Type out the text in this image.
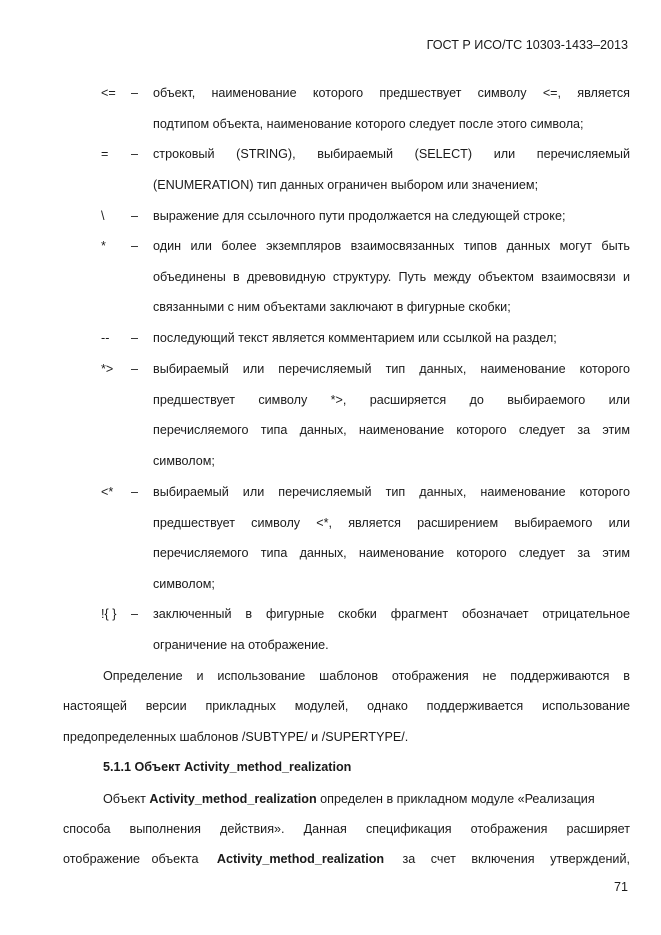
ГОСТ Р ИСО/ТС 10303-1433–2013
<= – объект, наименование которого предшествует символу <=, является
подтипом объекта, наименование которого следует после этого символа;
= – строковый (STRING), выбираемый (SELECT) или перечисляемый
(ENUMERATION) тип данных ограничен выбором или значением;
\ – выражение для ссылочного пути продолжается на следующей строке;
* – один или более экземпляров взаимосвязанных типов данных могут быть
объединены в древовидную структуру. Путь между объектом взаимосвязи и
связанными с ним объектами заключают в фигурные скобки;
-- – последующий текст является комментарием или ссылкой на раздел;
*> – выбираемый или перечисляемый тип данных, наименование которого
предшествует символу *>, расширяется до выбираемого или
перечисляемого типа данных, наименование которого следует за этим
символом;
<* – выбираемый или перечисляемый тип данных, наименование которого
предшествует символу <*, является расширением выбираемого или
перечисляемого типа данных, наименование которого следует за этим
символом;
!{ } – заключенный в фигурные скобки фрагмент обозначает отрицательное
ограничение на отображение.
Определение и использование шаблонов отображения не поддерживаются в
настоящей версии прикладных модулей, однако поддерживается использование
предопределенных шаблонов /SUBTYPE/ и /SUPERTYPE/.
5.1.1 Объект Activity_method_realization
Объект Activity_method_realization определен в прикладном модуле «Реализация
способа выполнения действия». Данная спецификация отображения расширяет
отображение объекта Activity_method_realization за счет включения утверждений,
71
